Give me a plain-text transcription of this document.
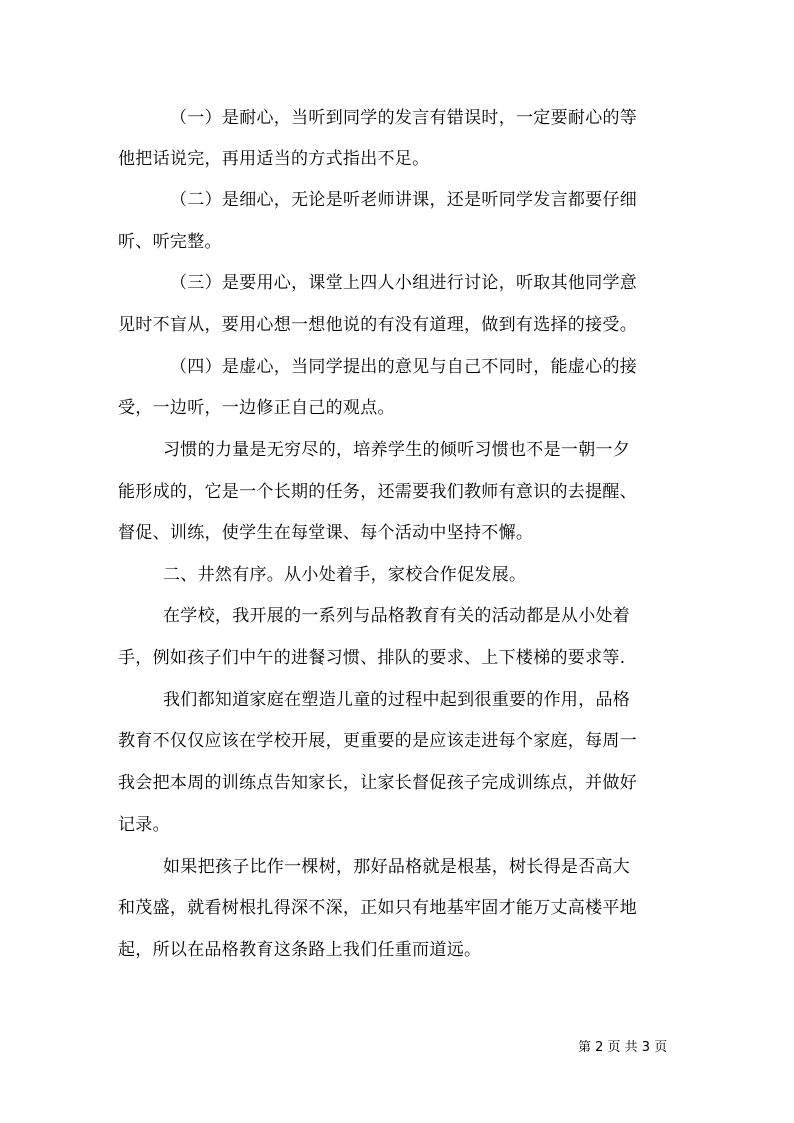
（一）是耐心，当听到同学的发言有错误时，一定要耐心的等
他把话说完，再用适当的方式指出不足。
（二）是细心，无论是听老师讲课，还是听同学发言都要仔细
听、听完整。
（三）是要用心，课堂上四人小组进行讨论，听取其他同学意
见时不盲从，要用心想一想他说的有没有道理，做到有选择的接受。
（四）是虚心，当同学提出的意见与自己不同时，能虚心的接
受，一边听，一边修正自己的观点。
习惯的力量是无穷尽的，培养学生的倾听习惯也不是一朝一夕
能形成的，它是一个长期的任务，还需要我们教师有意识的去提醒、
督促、训练，使学生在每堂课、每个活动中坚持不懈。
二、井然有序。从小处着手，家校合作促发展。
在学校，我开展的一系列与品格教育有关的活动都是从小处着
手，例如孩子们中午的进餐习惯、排队的要求、上下楼梯的要求等.
我们都知道家庭在塑造儿童的过程中起到很重要的作用，品格
教育不仅仅应该在学校开展，更重要的是应该走进每个家庭，每周一
我会把本周的训练点告知家长，让家长督促孩子完成训练点，并做好
记录。
如果把孩子比作一棵树，那好品格就是根基，树长得是否高大
和茂盛，就看树根扎得深不深，正如只有地基牢固才能万丈高楼平地
起，所以在品格教育这条路上我们任重而道远。
第 2 页 共 3 页
